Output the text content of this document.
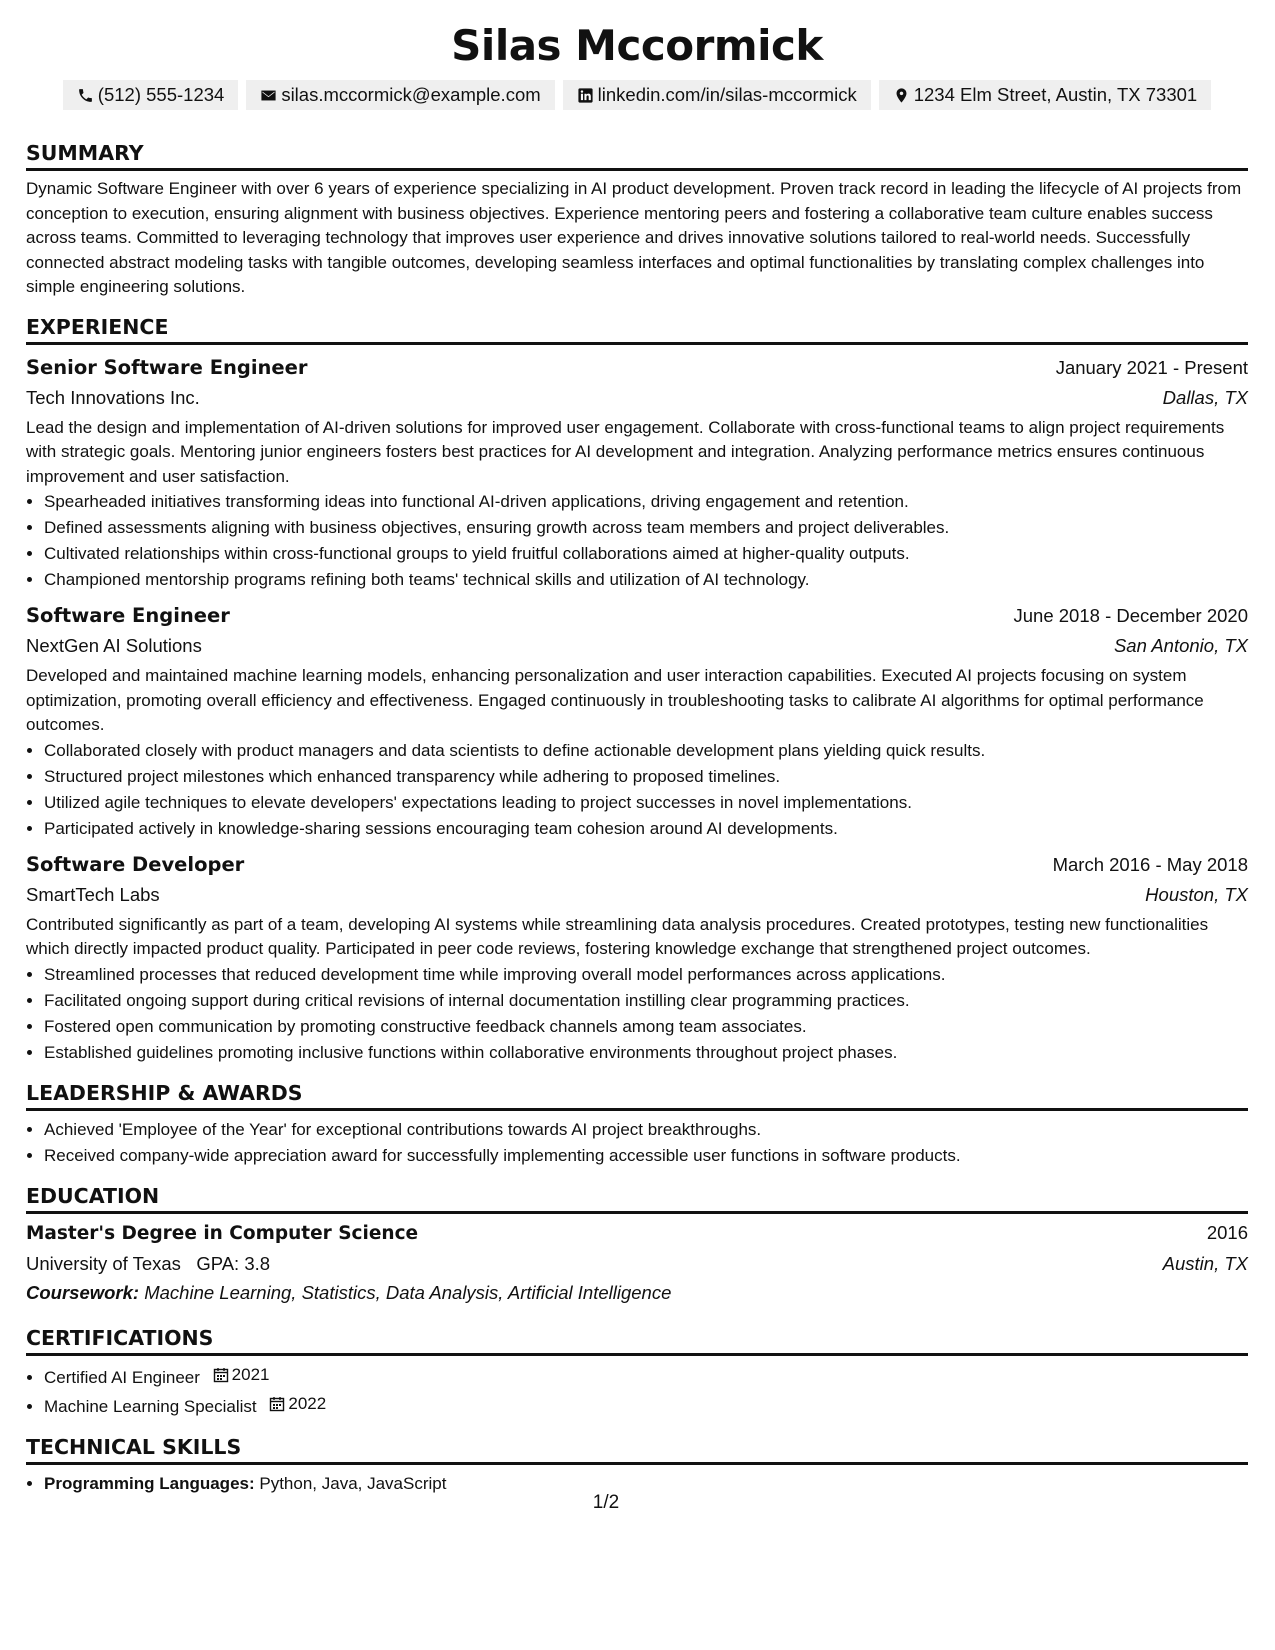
Silas Mccormick
(512) 555-1234	silas.mccormick@example.com	linkedin.com/in/silas-mccormick	1234 Elm Street, Austin, TX 73301
SUMMARY

Dynamic Software Engineer with over 6 years of experience specializing in AI product development. Proven track record in leading the lifecycle of AI projects from conception to execution, ensuring alignment with business objectives. Experience mentoring peers and fostering a collaborative team culture enables success across teams. Committed to leveraging technology that improves user experience and drives innovative solutions tailored to real-world needs. Successfully connected abstract modeling tasks with tangible outcomes, developing seamless interfaces and optimal functionalities by translating complex challenges into simple engineering solutions.

EXPERIENCE
Senior Software Engineer	January 2021 - Present
Tech Innovations Inc.	Dallas, TX

Lead the design and implementation of AI-driven solutions for improved user engagement. Collaborate with cross-functional teams to align project requirements with strategic goals. Mentoring junior engineers fosters best practices for AI development and integration. Analyzing performance metrics ensures continuous improvement and user satisfaction.

• Spearheaded initiatives transforming ideas into functional AI-driven applications, driving engagement and retention.
• Defined assessments aligning with business objectives, ensuring growth across team members and project deliverables.
• Cultivated relationships within cross-functional groups to yield fruitful collaborations aimed at higher-quality outputs.
• Championed mentorship programs refining both teams' technical skills and utilization of AI technology.
Software Engineer	June 2018 - December 2020
NextGen AI Solutions	San Antonio, TX

Developed and maintained machine learning models, enhancing personalization and user interaction capabilities. Executed AI projects focusing on system optimization, promoting overall efficiency and effectiveness. Engaged continuously in troubleshooting tasks to calibrate AI algorithms for optimal performance outcomes.

• Collaborated closely with product managers and data scientists to define actionable development plans yielding quick results.
• Structured project milestones which enhanced transparency while adhering to proposed timelines.
• Utilized agile techniques to elevate developers' expectations leading to project successes in novel implementations.
• Participated actively in knowledge-sharing sessions encouraging team cohesion around AI developments.
Software Developer	March 2016 - May 2018
SmartTech Labs	Houston, TX

Contributed significantly as part of a team, developing AI systems while streamlining data analysis procedures. Created prototypes, testing new functionalities which directly impacted product quality. Participated in peer code reviews, fostering knowledge exchange that strengthened project outcomes.

• Streamlined processes that reduced development time while improving overall model performances across applications.
• Facilitated ongoing support during critical revisions of internal documentation instilling clear programming practices.
• Fostered open communication by promoting constructive feedback channels among team associates.
• Established guidelines promoting inclusive functions within collaborative environments throughout project phases.
LEADERSHIP & AWARDS
• Achieved 'Employee of the Year' for exceptional contributions towards AI project breakthroughs.
• Received company-wide appreciation award for successfully implementing accessible user functions in software products.
EDUCATION
Master's Degree in Computer Science	2016
University of Texas GPA: 3.8	Austin, TX
Coursework: Machine Learning, Statistics, Data Analysis, Artificial Intelligence
CERTIFICATIONS
• Certified AI Engineer 2021
• Machine Learning Specialist 2022
TECHNICAL SKILLS
• Programming Languages: Python, Java, JavaScript
1/2
